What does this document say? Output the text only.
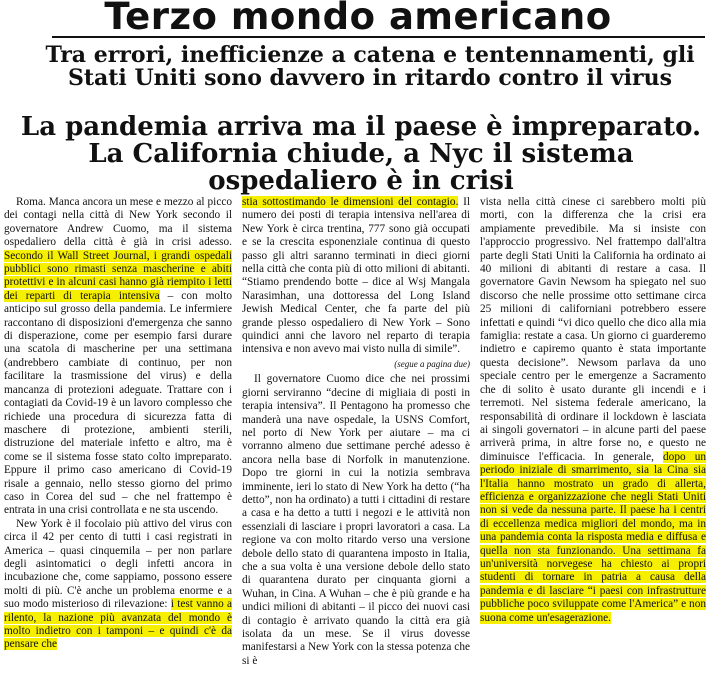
Terzo mondo americano
Tra errori, inefficienze a catena e tentennamenti, gli Stati Uniti sono davvero in ritardo contro il virus
La pandemia arriva ma il paese è impreparato. La California chiude, a Nyc il sistema ospedaliero è in crisi

Roma. Manca ancora un mese e mezzo al picco dei contagi nella città di New York secondo il governatore Andrew Cuomo, ma il sistema ospedaliero della città è già in crisi adesso. Secondo il Wall Street Journal, i grandi ospedali pubblici sono rimasti senza mascherine e abiti protettivi e in alcuni casi hanno già riempito i letti dei reparti di terapia intensiva – con molto anticipo sul grosso della pandemia. Le infermiere raccontano di disposizioni d'emergenza che sanno di disperazione, come per esempio farsi durare una scatola di mascherine per una settimana (andrebbero cambiate di continuo, per non facilitare la trasmissione del virus) e della mancanza di protezioni adeguate. Trattare con i contagiati da Covid-19 è un lavoro complesso che richiede una procedura di sicurezza fatta di maschere di protezione, ambienti sterili, distruzione del materiale infetto e altro, ma è come se il sistema fosse stato colto impreparato. Eppure il primo caso americano di Covid-19 risale a gennaio, nello stesso giorno del primo caso in Corea del sud – che nel frattempo è entrata in una crisi controllata e ne sta uscendo.

New York è il focolaio più attivo del virus con circa il 42 per cento di tutti i casi registrati in America – quasi cinquemila – per non parlare degli asintomatici o degli infetti ancora in incubazione che, come sappiamo, possono essere molti di più. C'è anche un problema enorme e a suo modo misterioso di rilevazione: i test vanno a rilento, la nazione più avanzata del mondo è molto indietro con i tamponi – e quindi c'è da pensare che

stia sottostimando le dimensioni del contagio. Il numero dei posti di terapia intensiva nell'area di New York è circa trentina, 777 sono già occupati e se la crescita esponenziale continua di questo passo gli altri saranno terminati in dieci giorni nella città che conta più di otto milioni di abitanti. “Stiamo prendendo botte – dice al Wsj Mangala Narasimhan, una dottoressa del Long Island Jewish Medical Center, che fa parte del più grande plesso ospedaliero di New York – Sono quindici anni che lavoro nel reparto di terapia intensiva e non avevo mai visto nulla di simile”.

(segue a pagina due)

Il governatore Cuomo dice che nei prossimi giorni serviranno “decine di migliaia di posti in terapia intensiva”. Il Pentagono ha promesso che manderà una nave ospedale, la USNS Comfort, nel porto di New York per aiutare – ma ci vorranno almeno due settimane perché adesso è ancora nella base di Norfolk in manutenzione. Dopo tre giorni in cui la notizia sembrava imminente, ieri lo stato di New York ha detto (“ha detto”, non ha ordinato) a tutti i cittadini di restare a casa e ha detto a tutti i negozi e le attività non essenziali di lasciare i propri lavoratori a casa. La regione va con molto ritardo verso una versione debole dello stato di quarantena imposto in Italia, che a sua volta è una versione debole dello stato di quarantena durato per cinquanta giorni a Wuhan, in Cina. A Wuhan – che è più grande e ha undici milioni di abitanti – il picco dei nuovi casi di contagio è arrivato quando la città era già isolata da un mese. Se il virus dovesse manifestarsi a New York con la stessa potenza che si è

vista nella città cinese ci sarebbero molti più morti, con la differenza che la crisi era ampiamente prevedibile. Ma si insiste con l'approccio progressivo. Nel frattempo dall'altra parte degli Stati Uniti la California ha ordinato ai 40 milioni di abitanti di restare a casa. Il governatore Gavin Newsom ha spiegato nel suo discorso che nelle prossime otto settimane circa 25 milioni di californiani potrebbero essere infettati e quindi “vi dico quello che dico alla mia famiglia: restate a casa. Un giorno ci guarderemo indietro e capiremo quanto è stata importante questa decisione”. Newsom parlava da uno speciale centro per le emergenze a Sacramento che di solito è usato durante gli incendi e i terremoti. Nel sistema federale americano, la responsabilità di ordinare il lockdown è lasciata ai singoli governatori – in alcune parti del paese arriverà prima, in altre forse no, e questo ne diminuisce l'efficacia. In generale, dopo un periodo iniziale di smarrimento, sia la Cina sia l'Italia hanno mostrato un grado di allerta, efficienza e organizzazione che negli Stati Uniti non si vede da nessuna parte. Il paese ha i centri di eccellenza medica migliori del mondo, ma in una pandemia conta la risposta media e diffusa e quella non sta funzionando. Una settimana fa un'università norvegese ha chiesto ai propri studenti di tornare in patria a causa della pandemia e di lasciare “i paesi con infrastrutture pubbliche poco sviluppate come l'America” e non suona come un'esagerazione.
